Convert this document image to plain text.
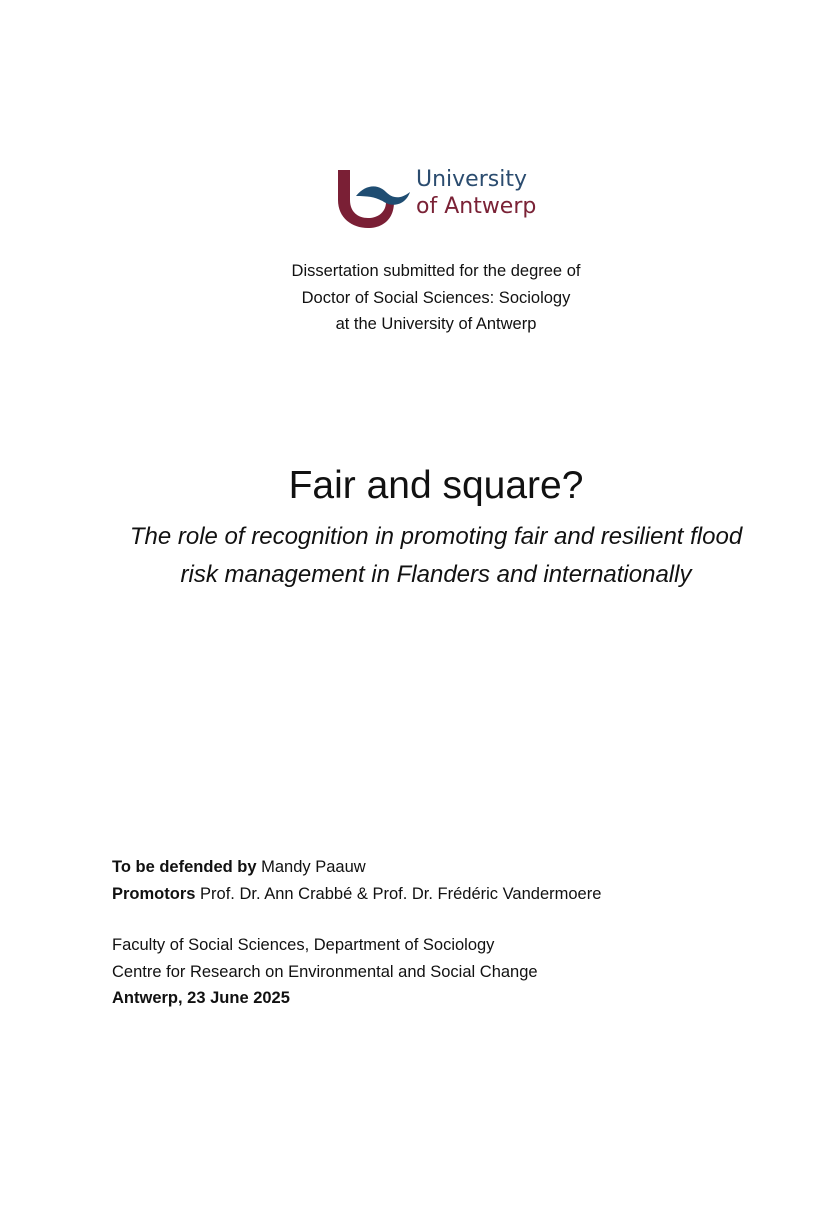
University
of Antwerp
Dissertation submitted for the degree of
Doctor of Social Sciences: Sociology
at the University of Antwerp
Fair and square?
The role of recognition in promoting fair and resilient flood
risk management in Flanders and internationally
To be defended by Mandy Paauw
Promotors Prof. Dr. Ann Crabbé & Prof. Dr. Frédéric Vandermoere
Faculty of Social Sciences, Department of Sociology
Centre for Research on Environmental and Social Change
Antwerp, 23 June 2025
